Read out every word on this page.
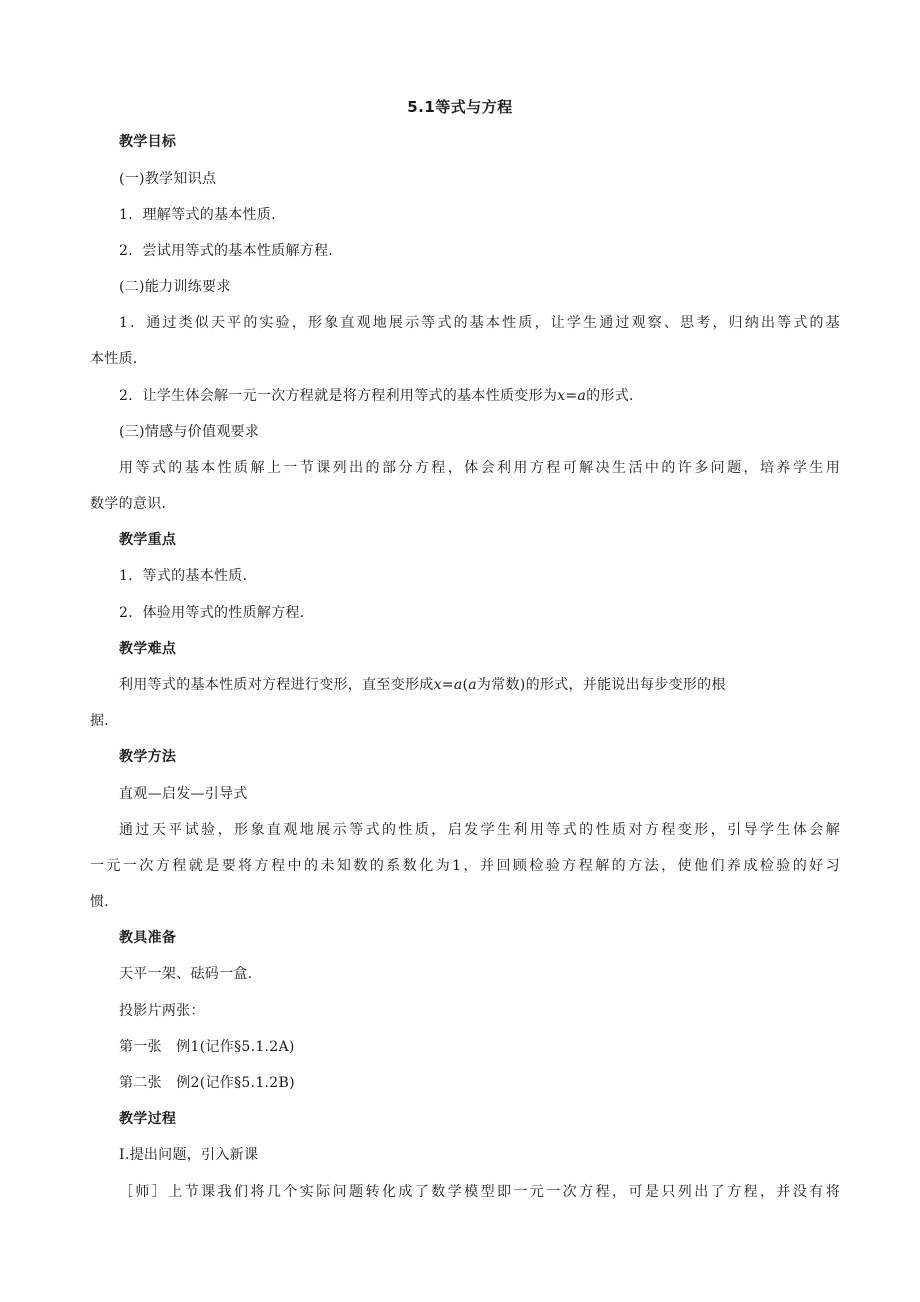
5.1等式与方程
教学目标
(一)教学知识点
1．理解等式的基本性质．
2．尝试用等式的基本性质解方程．
(二)能力训练要求
1．通过类似天平的实验，形象直观地展示等式的基本性质，让学生通过观察、思考，归纳出等式的基
本性质．
2．让学生体会解一元一次方程就是将方程利用等式的基本性质变形为x=a的形式．
(三)情感与价值观要求
用等式的基本性质解上一节课列出的部分方程，体会利用方程可解决生活中的许多问题，培养学生用
数学的意识．
教学重点
1．等式的基本性质．
2．体验用等式的性质解方程．
教学难点
利用等式的基本性质对方程进行变形，直至变形成x=a(a为常数)的形式，并能说出每步变形的根
据．
教学方法
直观—启发—引导式
通过天平试验，形象直观地展示等式的性质，启发学生利用等式的性质对方程变形，引导学生体会解
一元一次方程就是要将方程中的未知数的系数化为1，并回顾检验方程解的方法，使他们养成检验的好习
惯．
教具准备
天平一架、砝码一盒．
投影片两张：
第一张　例1(记作§5.1.2A)
第二张　例2(记作§5.1.2B)
教学过程
Ⅰ.提出问题，引入新课
［师］上节课我们将几个实际问题转化成了数学模型即一元一次方程，可是只列出了方程，并没有将
